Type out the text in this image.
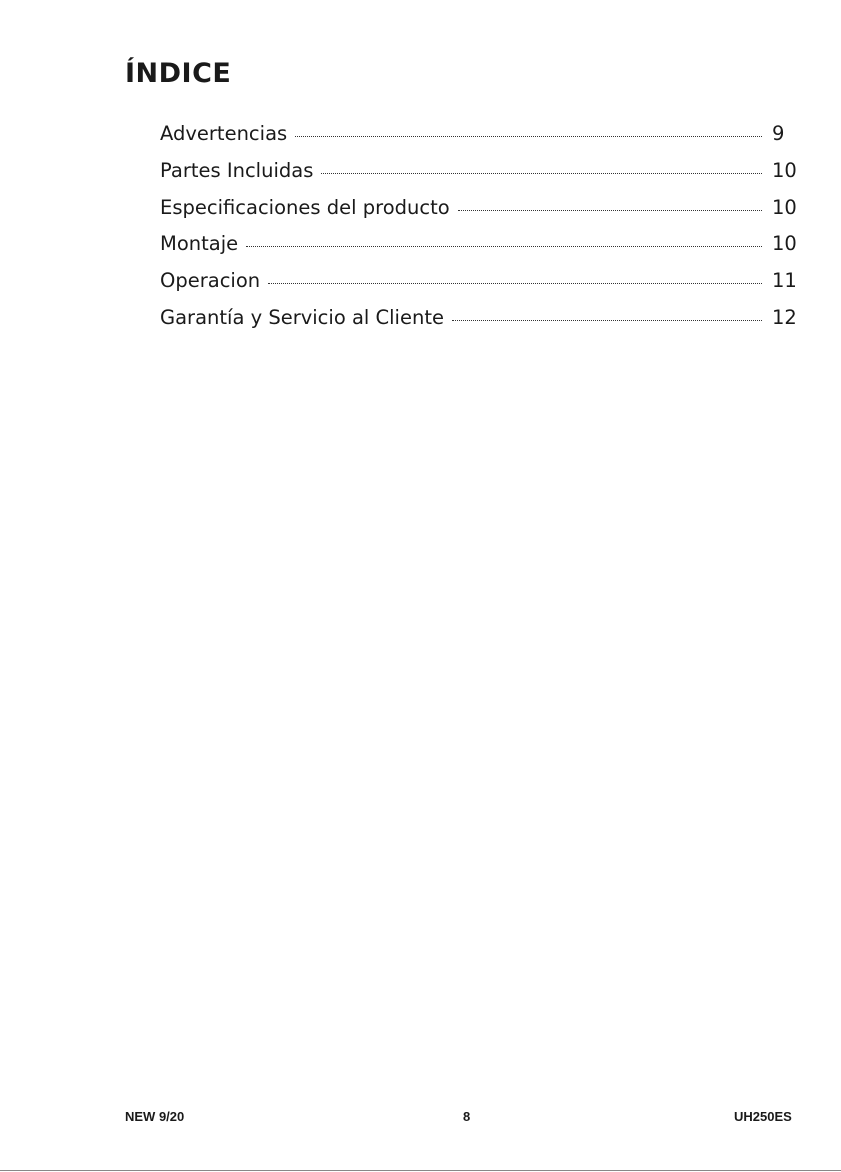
ÍNDICE
Advertencias	9
Partes Incluidas	10
Especificaciones del producto	10
Montaje	10
Operacion	11
Garantía y Servicio al Cliente	12
NEW 9/20	8	UH250ES
